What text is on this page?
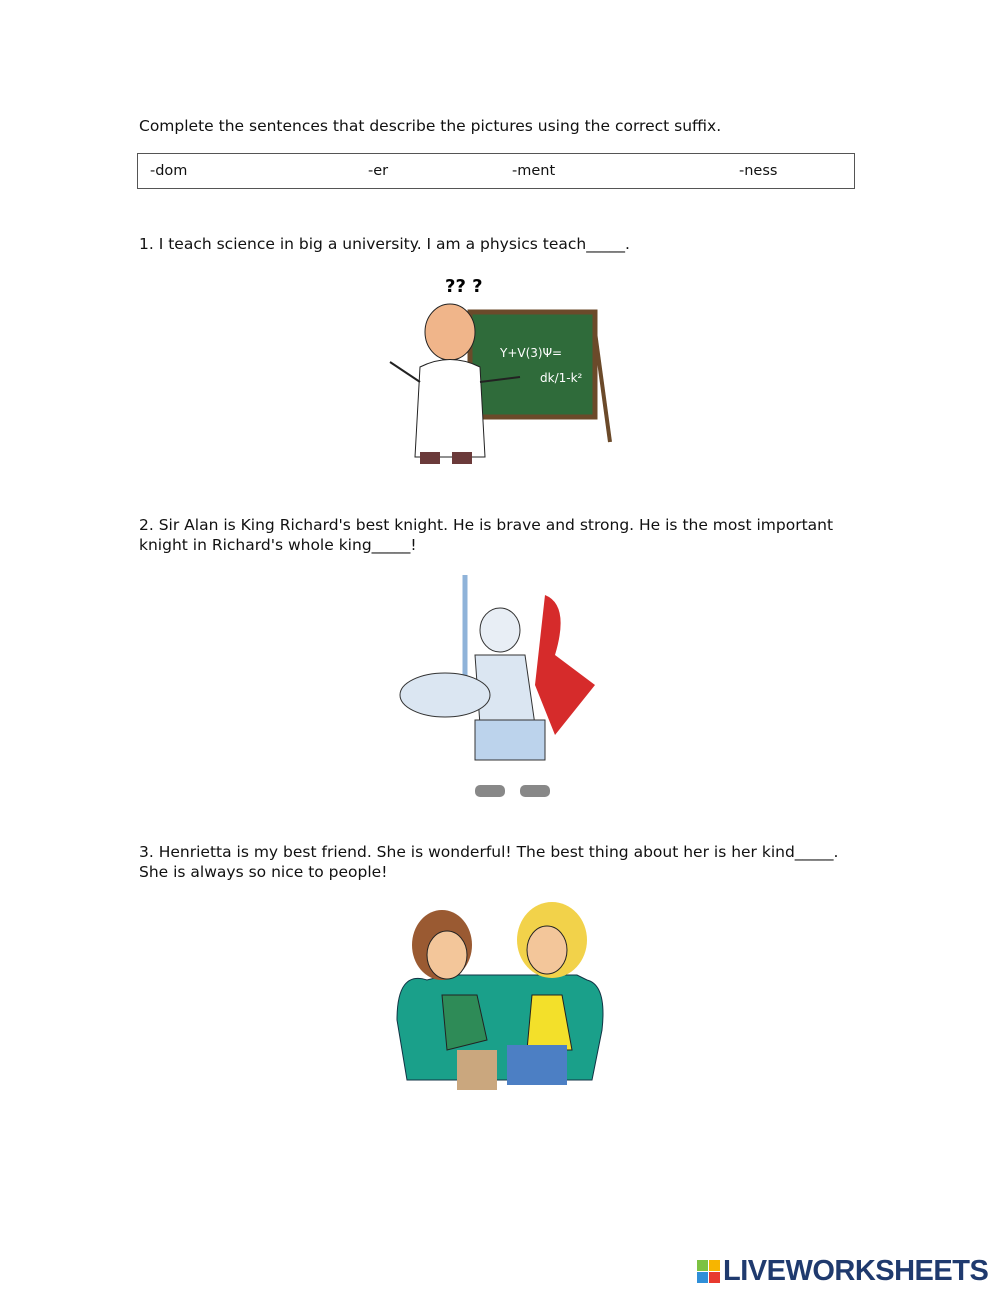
Complete the sentences that describe the pictures using the correct suffix.
-dom	-er	-ment	-ness
1. I teach science in big a university. I am a physics teach_____.
Y+V(3)Ψ=
dk/1-k²
?? ?
2. Sir Alan is King Richard's best knight. He is brave and strong. He is the most important knight in Richard's whole king_____!
3. Henrietta is my best friend. She is wonderful! The best thing about her is her kind_____. She is always so nice to people!
LIVEWORKSHEETS
